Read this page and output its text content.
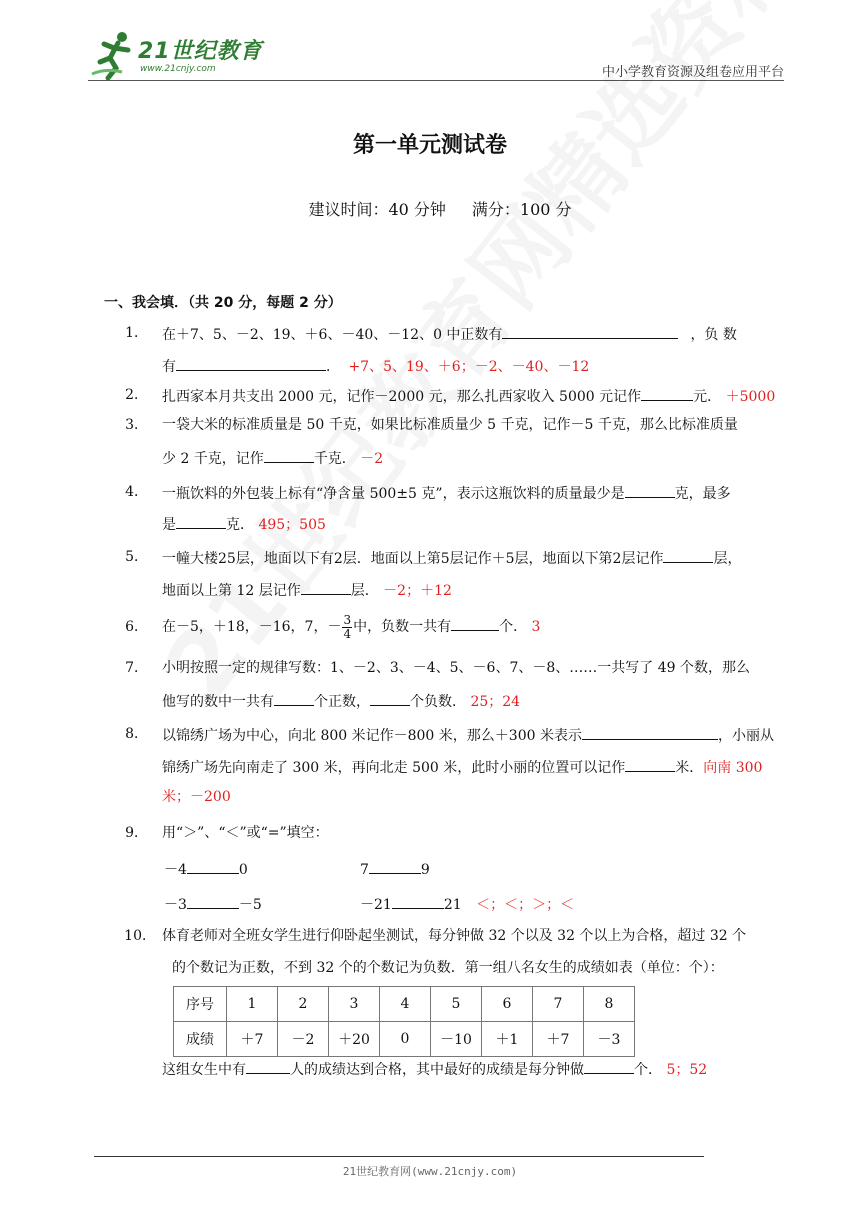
21世纪教育
www.21cnjy.com	中小学教育资源及组卷应用平台
第一单元测试卷
建议时间：40 分钟 满分：100 分
一、我会填．（共 20 分，每题 2 分）
1． 在＋7、5、－2、19、＋6、－40、－12、0 中正数有	，负 数
有	． +7、5、19、＋6；－2、－40、－12
2． 扎西家本月共支出 2000 元，记作－2000 元，那么扎西家收入 5000 元记作	元． ＋5000
3． 一袋大米的标准质量是 50 千克，如果比标准质量少 5 千克，记作－5 千克，那么比标准质量
少 2 千克，记作	千克． －2
4． 一瓶饮料的外包装上标有“净含量 500±5 克”，表示这瓶饮料的质量最少是	克，最多
是	克． 495；505
5． 一幢大楼25层，地面以下有2层．地面以上第5层记作＋5层，地面以下第2层记作	层，
地面以上第 12 层记作	层． －2；＋12
6． 在－5，＋18，－16，7，－ $\frac{3}{4}$ 中，负数一共有	个． 3
7． 小明按照一定的规律写数：1、－2、3、－4、5、－6、7、－8、……一共写了 49 个数，那么
他写的数中一共有	个正数，	个负数． 25；24
8． 以锦绣广场为中心，向北 800 米记作－800 米，那么＋300 米表示	，小丽从
锦绣广场先向南走了 300 米，再向北走 500 米，此时小丽的位置可以记作	米．向南 300
米；－200
9． 用“＞”、“＜”或“=”填空：
－4	0	7	9
－3	－5	－21	21 ＜；＜；＞；＜
10． 体育老师对全班女学生进行仰卧起坐测试，每分钟做 32 个以及 32 个以上为合格，超过 32 个
的个数记为正数，不到 32 个的个数记为负数．第一组八名女生的成绩如表（单位：个）：
序号	1	2	3	4	5	6	7	8
成绩	＋7	－2	＋20	0	－10	＋1	＋7	－3
这组女生中有	人的成绩达到合格，其中最好的成绩是每分钟做	个． 5；52
21世纪教育网(www.21cnjy.com)
